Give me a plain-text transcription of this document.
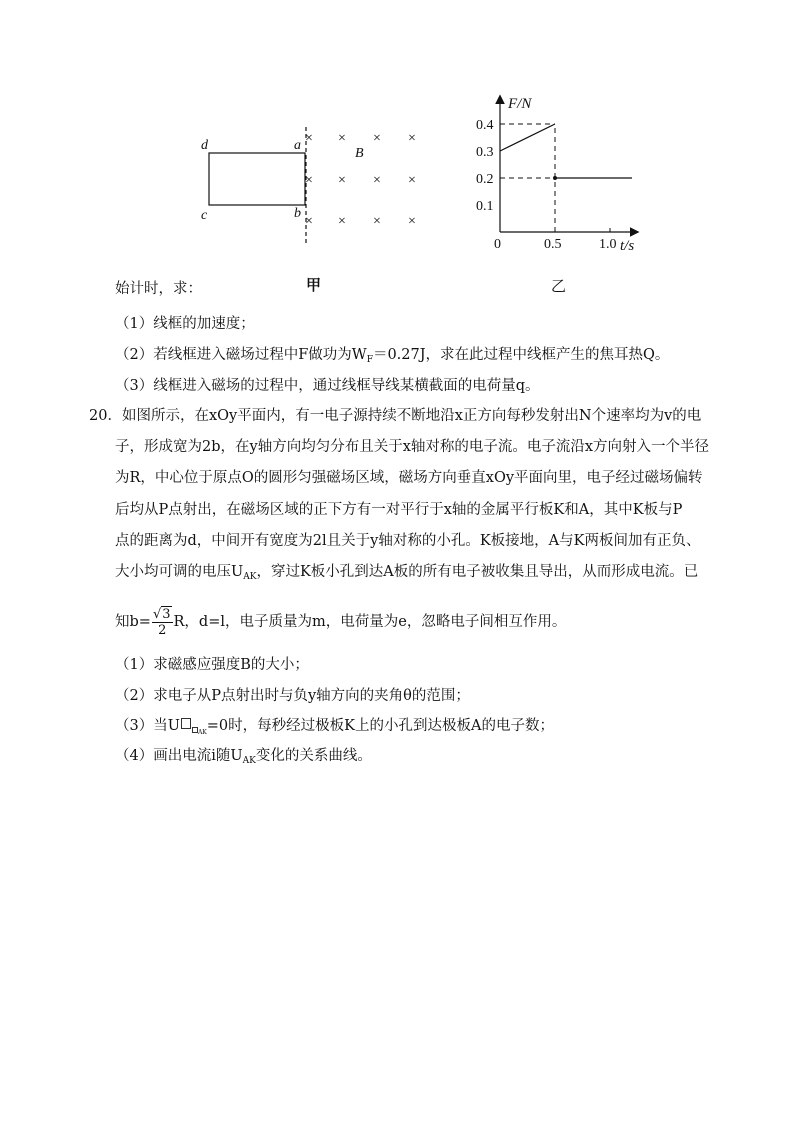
d
c
a
b
B
× × × ×
× × × ×
× × × ×
甲
0.4
0.3
0.2
0.1
0.5	1.0
F/N
t/s
0
乙
始计时，求：
（1）线框的加速度；
（2）若线框进入磁场过程中F做功为$W_F=0.27J$，求在此过程中线框产生的焦耳热Q。
（3）线框进入磁场的过程中，通过线框导线某横截面的电荷量q。
20．如图所示，在xOy平面内，有一电子源持续不断地沿x正方向每秒发射出N个速率均为v的电
子，形成宽为2b，在y轴方向均匀分布且关于x轴对称的电子流。电子流沿x方向射入一个半径
为R，中心位于原点O的圆形匀强磁场区域，磁场方向垂直xOy平面向里，电子经过磁场偏转
后均从P点射出，在磁场区域的正下方有一对平行于x轴的金属平行板K和A，其中K板与P
点的距离为d，中间开有宽度为2l且关于y轴对称的小孔。K板接地，A与K两板间加有正负、
大小均可调的电压$U_{AK}$，穿过K板小孔到达A板的所有电子被收集且导出，从而形成电流。已
知$b= \frac{√3}{2}$ R，d=l，电子质量为m，电荷量为e，忽略电子间相互作用。
（1）求磁感应强度B的大小；
（2）求电子从P点射出时与负y轴方向的夹角θ的范围；
（3）当U	$_{AK}$=0时，每秒经过极板K上的小孔到达极板A的电子数；
（4）画出电流i随$U_{AK}$变化的关系曲线。
